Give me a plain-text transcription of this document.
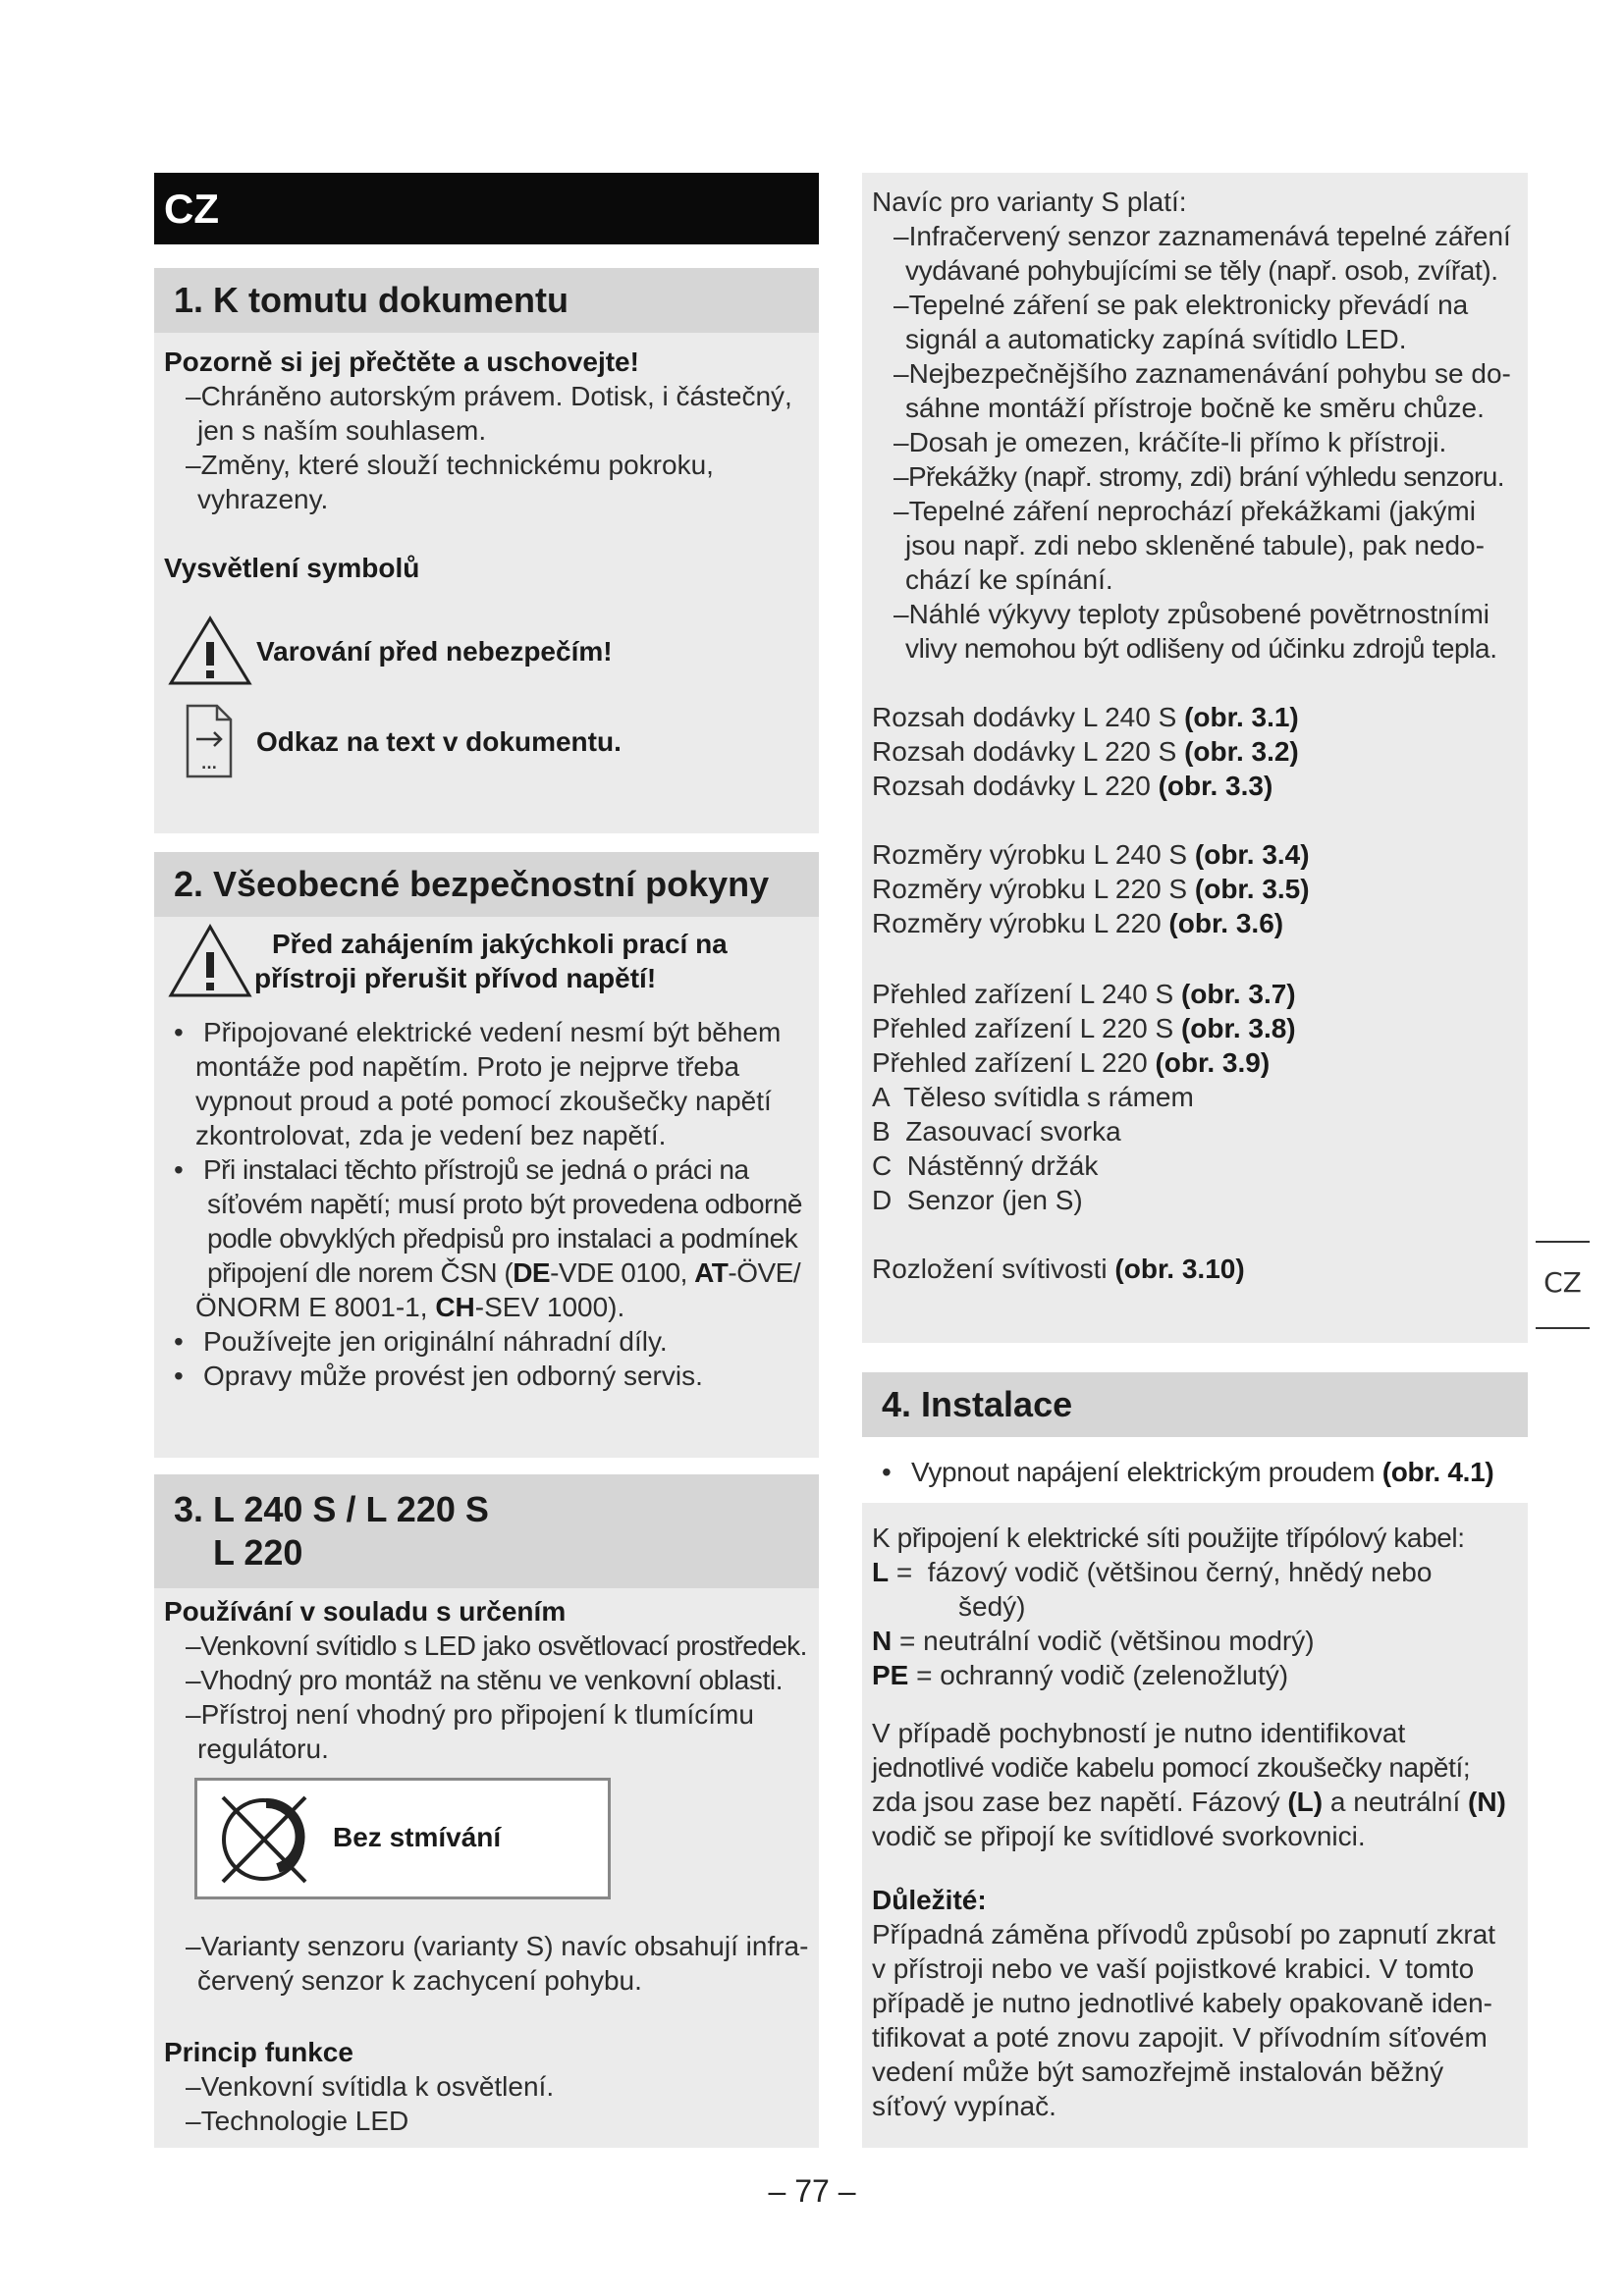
CZ
1. K tomutu dokumentu
Pozorně si jej přečtěte a uschovejte!
–Chráněno autorským právem. Dotisk, i částečný,
jen s naším souhlasem.
–Změny, které slouží technickému pokroku,
vyhrazeny.
Vysvětlení symbolů
Varování před nebezpečím!
...
Odkaz na text v dokumentu.
2. Všeobecné bezpečnostní pokyny
Před zahájením jakýchkoli prací na
přístroji přerušit přívod napětí!
• Připojované elektrické vedení nesmí být během
montáže pod napětím. Proto je nejprve třeba
vypnout proud a poté pomocí zkoušečky napětí
zkontrolovat, zda je vedení bez napětí.
• Při instalaci těchto přístrojů se jedná o práci na
síťovém napětí; musí proto být provedena odborně
podle obvyklých předpisů pro instalaci a podmínek
připojení dle norem ČSN (DE-VDE 0100, AT-ÖVE/
ÖNORM E 8001-1, CH-SEV 1000).
• Používejte jen originální náhradní díly.
• Opravy může provést jen odborný servis.
3. L 240 S / L 220 S
L 220
Používání v souladu s určením
–Venkovní svítidlo s LED jako osvětlovací prostředek.
–Vhodný pro montáž na stěnu ve venkovní oblasti.
–Přístroj není vhodný pro připojení k tlumícímu
regulátoru.
Bez stmívání
–Varianty senzoru (varianty S) navíc obsahují infra-
červený senzor k zachycení pohybu.
Princip funkce
–Venkovní svítidla k osvětlení.
–Technologie LED
Navíc pro varianty S platí:
–Infračervený senzor zaznamenává tepelné záření
vydávané pohybujícími se těly (např. osob, zvířat).
–Tepelné záření se pak elektronicky převádí na
signál a automaticky zapíná svítidlo LED.
–Nejbezpečnějšího zaznamenávání pohybu se do-
sáhne montáží přístroje bočně ke směru chůze.
–Dosah je omezen, kráčíte-li přímo k přístroji.
–Překážky (např. stromy, zdi) brání výhledu senzoru.
–Tepelné záření neprochází překážkami (jakými
jsou např. zdi nebo skleněné tabule), pak nedo-
chází ke spínání.
–Náhlé výkyvy teploty způsobené povětrnostními
vlivy nemohou být odlišeny od účinku zdrojů tepla.
Rozsah dodávky L 240 S (obr. 3.1)
Rozsah dodávky L 220 S (obr. 3.2)
Rozsah dodávky L 220 (obr. 3.3)
Rozměry výrobku L 240 S (obr. 3.4)
Rozměry výrobku L 220 S (obr. 3.5)
Rozměry výrobku L 220 (obr. 3.6)
Přehled zařízení L 240 S (obr. 3.7)
Přehled zařízení L 220 S (obr. 3.8)
Přehled zařízení L 220 (obr. 3.9)
A  Těleso svítidla s rámem
B  Zasouvací svorka
C  Nástěnný držák
D  Senzor (jen S)
Rozložení svítivosti (obr. 3.10)	CZ
4. Instalace
• Vypnout napájení elektrickým proudem (obr. 4.1)
K připojení k elektrické síti použijte třípólový kabel:
L =  fázový vodič (většinou černý, hnědý nebo
šedý)
N = neutrální vodič (většinou modrý)
PE = ochranný vodič (zelenožlutý)
V případě pochybností je nutno identifikovat
jednotlivé vodiče kabelu pomocí zkoušečky napětí;
zda jsou zase bez napětí. Fázový (L) a neutrální (N)
vodič se připojí ke svítidlové svorkovnici.
Důležité:
Případná záměna přívodů způsobí po zapnutí zkrat
v přístroji nebo ve vaší pojistkové krabici. V tomto
případě je nutno jednotlivé kabely opakovaně iden-
tifikovat a poté znovu zapojit. V přívodním síťovém
vedení může být samozřejmě instalován běžný
síťový vypínač.
– 77 –
